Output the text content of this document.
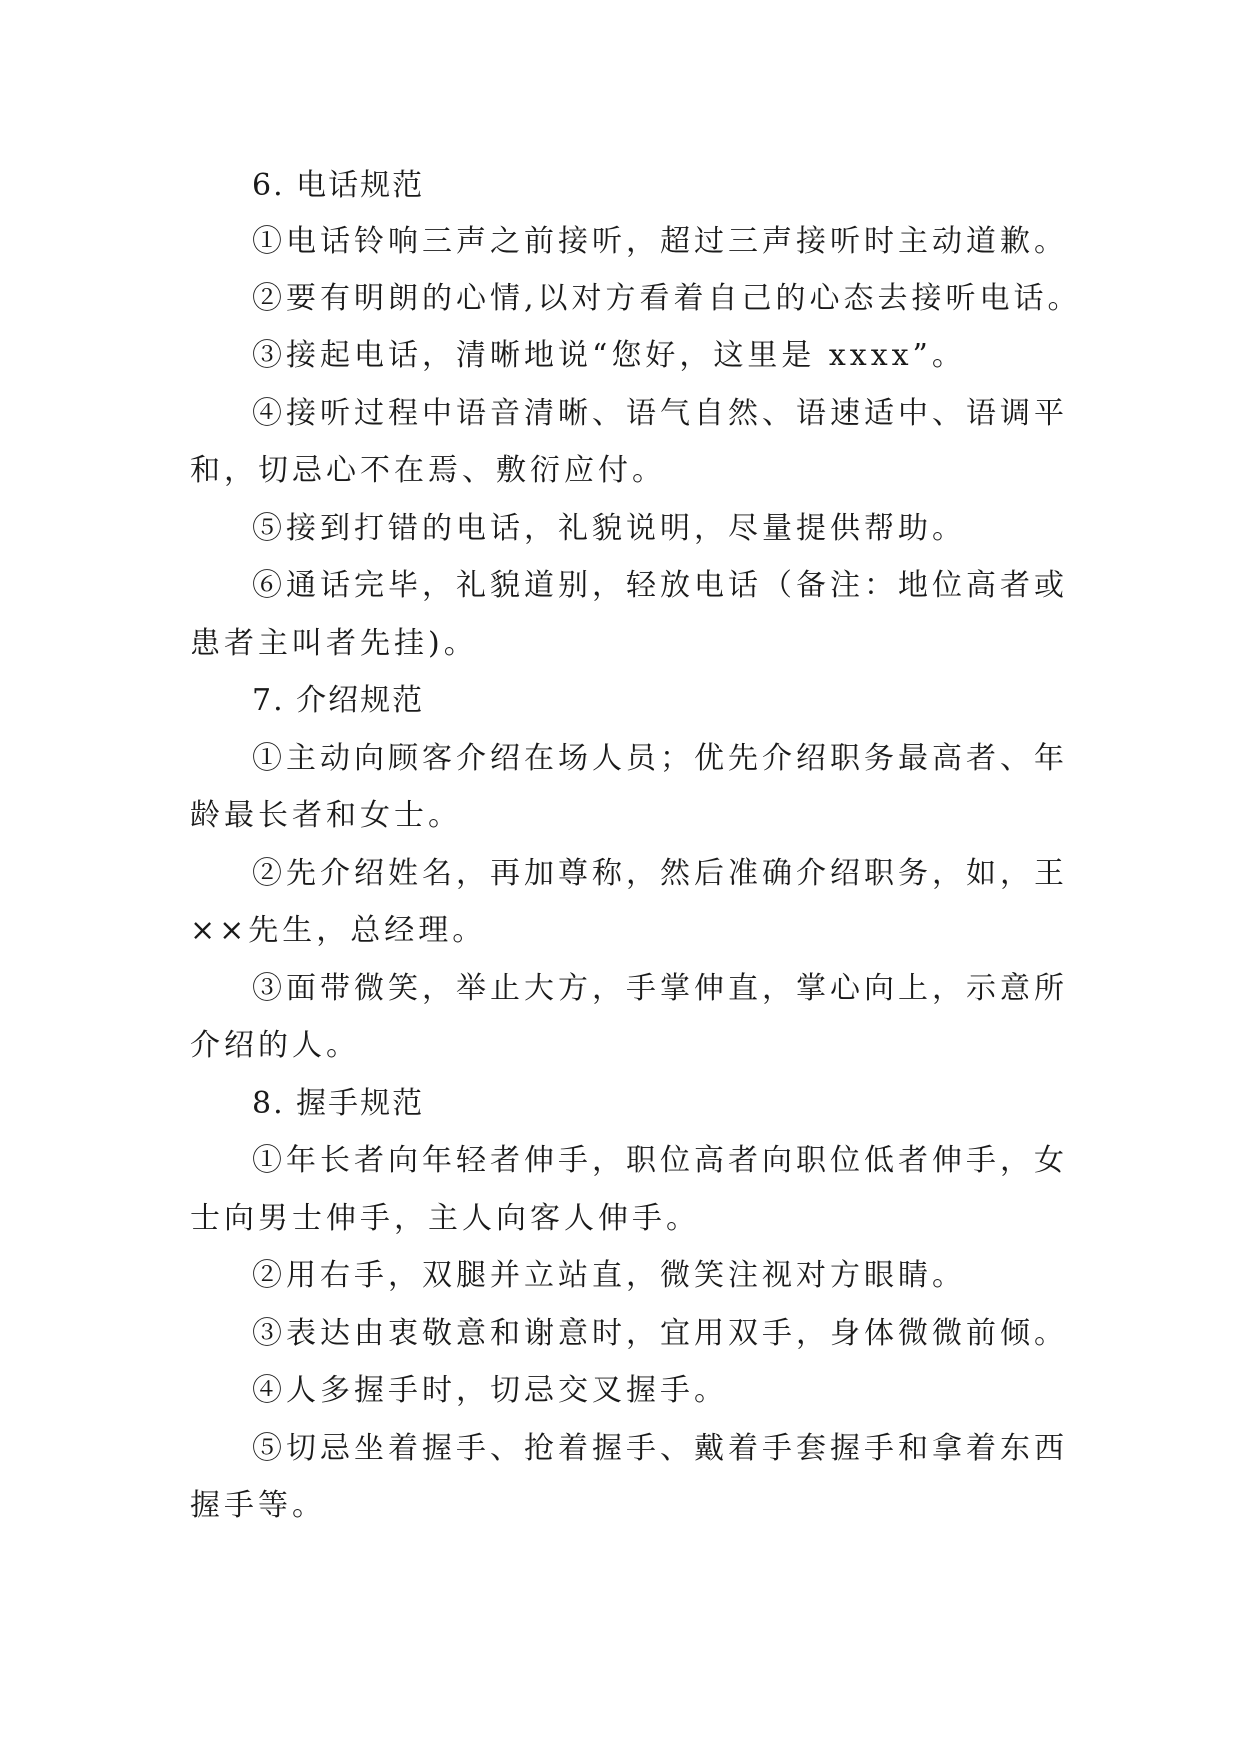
6. 电话规范
①电话铃响三声之前接听，超过三声接听时主动道歉。
②要有明朗的心情,以对方看着自己的心态去接听电话。
③接起电话，清晰地说“您好，这里是 xxxx”。
④接听过程中语音清晰、语气自然、语速适中、语调平
和，切忌心不在焉、敷衍应付。
⑤接到打错的电话，礼貌说明，尽量提供帮助。
⑥通话完毕，礼貌道别，轻放电话（备注：地位高者或
患者主叫者先挂)。
7. 介绍规范
①主动向顾客介绍在场人员；优先介绍职务最高者、年
龄最长者和女士。
②先介绍姓名，再加尊称，然后准确介绍职务，如，王
××先生，总经理。
③面带微笑，举止大方，手掌伸直，掌心向上，示意所
介绍的人。
8. 握手规范
①年长者向年轻者伸手，职位高者向职位低者伸手，女
士向男士伸手，主人向客人伸手。
②用右手，双腿并立站直，微笑注视对方眼睛。
③表达由衷敬意和谢意时，宜用双手，身体微微前倾。
④人多握手时，切忌交叉握手。
⑤切忌坐着握手、抢着握手、戴着手套握手和拿着东西
握手等。
